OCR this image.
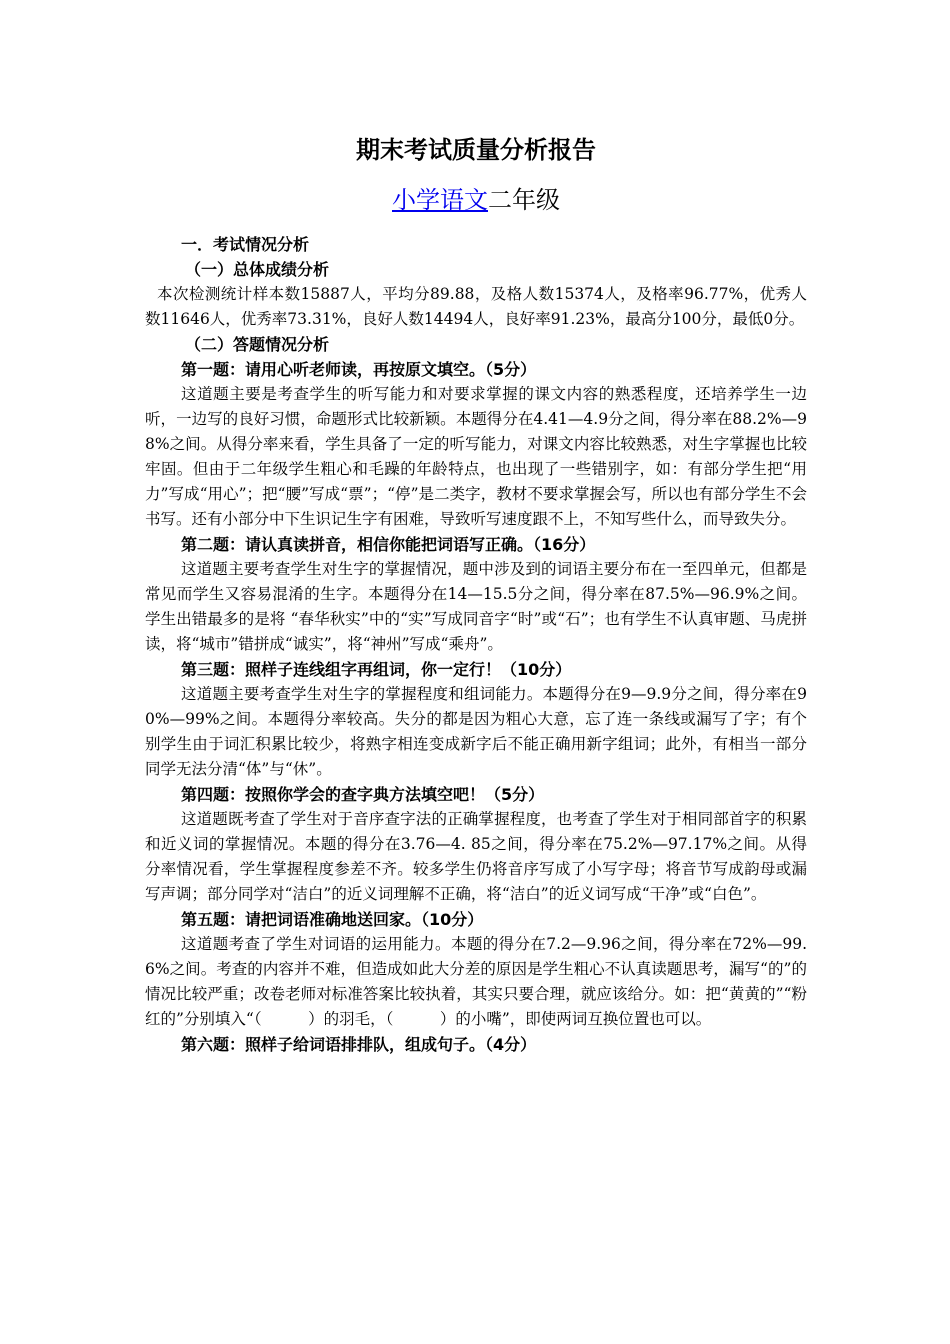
期末考试质量分析报告
小学语文二年级
一．考试情况分析
（一）总体成绩分析

本次检测统计样本数15887人，平均分89.88，及格人数15374人，及格率96.77%，优秀人数11646人，优秀率73.31%，良好人数14494人，良好率91.23%，最高分100分，最低0分。

（二）答题情况分析
第一题：请用心听老师读，再按原文填空。（5分）

这道题主要是考查学生的听写能力和对要求掌握的课文内容的熟悉程度，还培养学生一边听，一边写的良好习惯，命题形式比较新颖。本题得分在4.41—4.9分之间，得分率在88.2%—98%之间。从得分率来看，学生具备了一定的听写能力，对课文内容比较熟悉，对生字掌握也比较牢固。但由于二年级学生粗心和毛躁的年龄特点，也出现了一些错别字，如：有部分学生把“用力”写成“用心”；把“腰”写成“票”；“停”是二类字，教材不要求掌握会写，所以也有部分学生不会书写。还有小部分中下生识记生字有困难，导致听写速度跟不上，不知写些什么，而导致失分。

第二题：请认真读拼音，相信你能把词语写正确。（16分）

这道题主要考查学生对生字的掌握情况，题中涉及到的词语主要分布在一至四单元，但都是常见而学生又容易混淆的生字。本题得分在14—15.5分之间，得分率在87.5%—96.9%之间。学生出错最多的是将 “春华秋实”中的“实”写成同音字“时”或“石”；也有学生不认真审题、马虎拼读，将“城市”错拼成“诚实”，将“神州”写成“乘舟”。

第三题：照样子连线组字再组词，你一定行！（10分）

这道题主要考查学生对生字的掌握程度和组词能力。本题得分在9—9.9分之间，得分率在90%—99%之间。本题得分率较高。失分的都是因为粗心大意，忘了连一条线或漏写了字；有个别学生由于词汇积累比较少，将熟字相连变成新字后不能正确用新字组词；此外，有相当一部分同学无法分清“体”与“休”。

第四题：按照你学会的查字典方法填空吧！（5分）

这道题既考查了学生对于音序查字法的正确掌握程度，也考查了学生对于相同部首字的积累和近义词的掌握情况。本题的得分在3.76—4. 85之间，得分率在75.2%—97.17%之间。从得分率情况看，学生掌握程度参差不齐。较多学生仍将音序写成了小写字母；将音节写成韵母或漏写声调；部分同学对“洁白”的近义词理解不正确，将“洁白”的近义词写成“干净”或“白色”。

第五题：请把词语准确地送回家。（10分）

这道题考查了学生对词语的运用能力。本题的得分在7.2—9.96之间，得分率在72%—99.6%之间。考查的内容并不难，但造成如此大分差的原因是学生粗心不认真读题思考，漏写“的”的情况比较严重；改卷老师对标准答案比较执着，其实只要合理，就应该给分。如：把“黄黄的”“粉红的”分别填入“（　　　）的羽毛，（　　　）的小嘴”，即使两词互换位置也可以。

第六题：照样子给词语排排队，组成句子。（4分）
